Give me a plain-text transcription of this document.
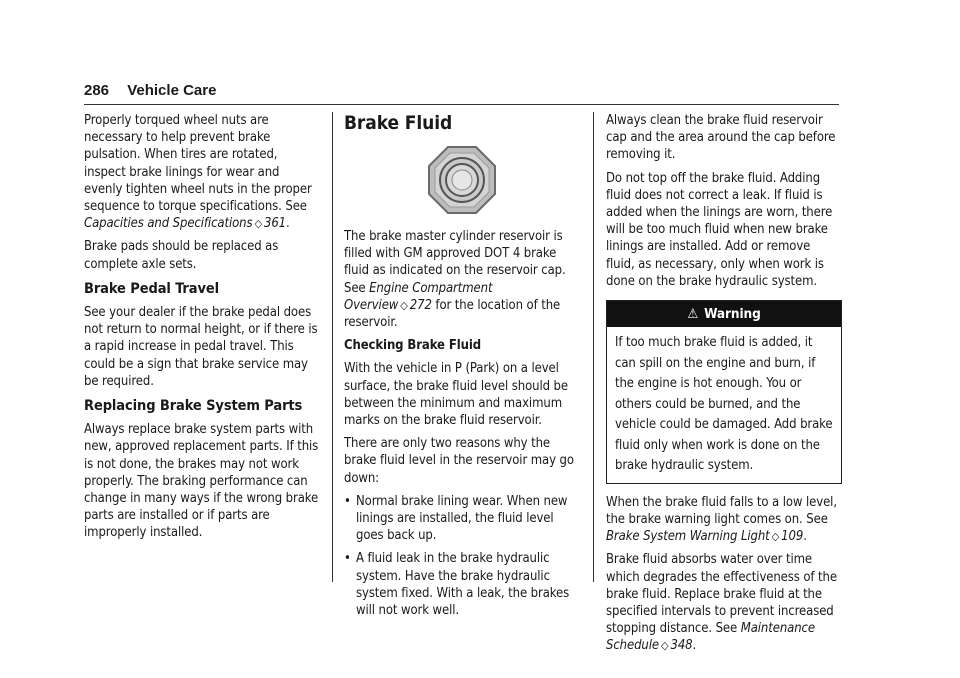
286 Vehicle Care

Properly torqued wheel nuts are necessary to help prevent brake pulsation. When tires are rotated, inspect brake linings for wear and evenly tighten wheel nuts in the proper sequence to torque specifications. See Capacities and Specifications ◇ 361.

Brake pads should be replaced as complete axle sets.

Brake Pedal Travel

See your dealer if the brake pedal does not return to normal height, or if there is a rapid increase in pedal travel. This could be a sign that brake service may be required.

Replacing Brake System Parts

Always replace brake system parts with new, approved replacement parts. If this is not done, the brakes may not work properly. The braking performance can change in many ways if the wrong brake parts are installed or if parts are improperly installed.

Brake Fluid

The brake master cylinder reservoir is filled with GM approved DOT 4 brake fluid as indicated on the reservoir cap. See Engine Compartment Overview ◇ 272 for the location of the reservoir.

Checking Brake Fluid

With the vehicle in P (Park) on a level surface, the brake fluid level should be between the minimum and maximum marks on the brake fluid reservoir.

There are only two reasons why the brake fluid level in the reservoir may go down:

• Normal brake lining wear. When new linings are installed, the fluid level goes back up.
• A fluid leak in the brake hydraulic system. Have the brake hydraulic system fixed. With a leak, the brakes will not work well.

Always clean the brake fluid reservoir cap and the area around the cap before removing it.

Do not top off the brake fluid. Adding fluid does not correct a leak. If fluid is added when the linings are worn, there will be too much fluid when new brake linings are installed. Add or remove fluid, as necessary, only when work is done on the brake hydraulic system.

⚠ Warning
If too much brake fluid is added, it can spill on the engine and burn, if the engine is hot enough. You or others could be burned, and the vehicle could be damaged. Add brake fluid only when work is done on the brake hydraulic system.

When the brake fluid falls to a low level, the brake warning light comes on. See Brake System Warning Light ◇ 109.

Brake fluid absorbs water over time which degrades the effectiveness of the brake fluid. Replace brake fluid at the specified intervals to prevent increased stopping distance. See Maintenance Schedule ◇ 348.
